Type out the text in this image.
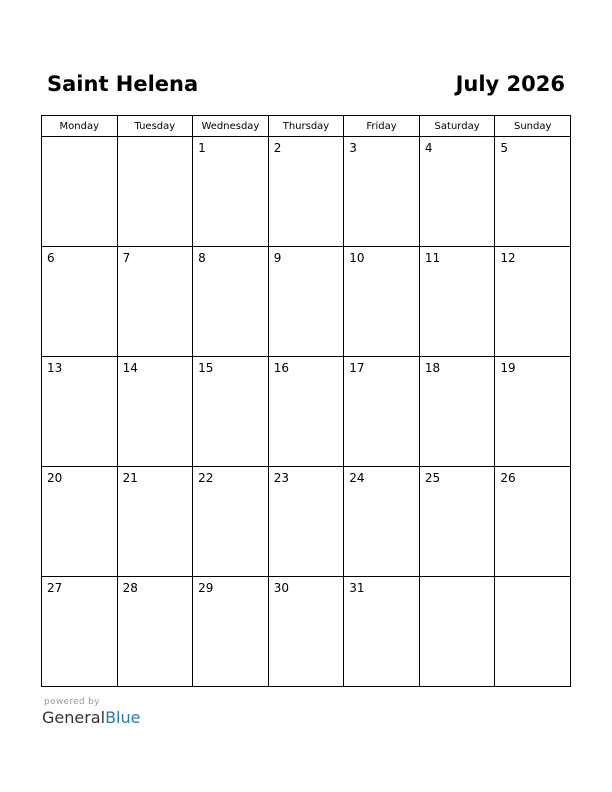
Saint Helena	July 2026
Monday	Tuesday	Wednesday	Thursday	Friday	Saturday	Sunday

		1	2	3	4	5

6	7	8	9	10	11	12

13	14	15	16	17	18	19

20	21	22	23	24	25	26

27	28	29	30	31		

powered by
GeneralBlue
